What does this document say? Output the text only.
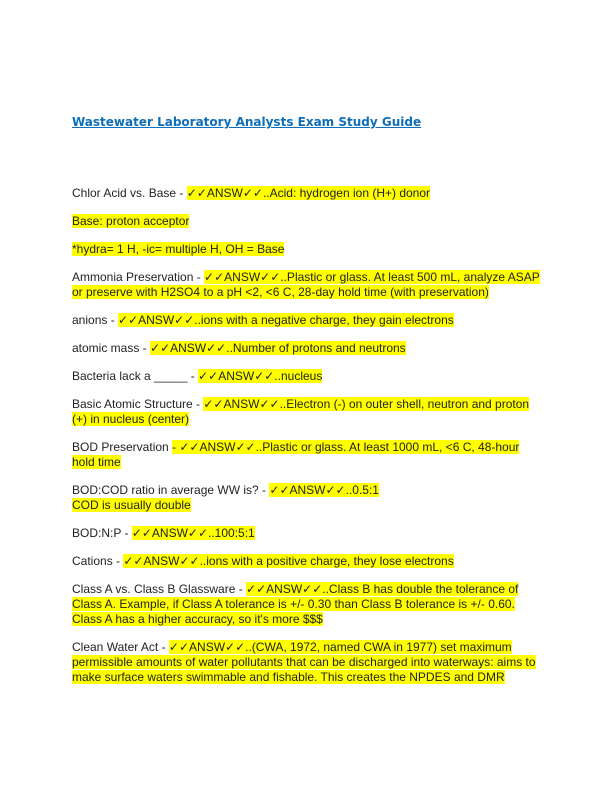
Wastewater Laboratory Analysts Exam Study Guide

Chlor Acid vs. Base - ✓✓ANSW✓✓..Acid: hydrogen ion (H+) donor

Base: proton acceptor

*hydra= 1 H, -ic= multiple H, OH = Base

Ammonia Preservation - ✓✓ANSW✓✓..Plastic or glass. At least 500 mL, analyze ASAP or preserve with H2SO4 to a pH <2, <6 C, 28-day hold time (with preservation)

anions - ✓✓ANSW✓✓..ions with a negative charge, they gain electrons

atomic mass - ✓✓ANSW✓✓..Number of protons and neutrons

Bacteria lack a _____ - ✓✓ANSW✓✓..nucleus

Basic Atomic Structure - ✓✓ANSW✓✓..Electron (-) on outer shell, neutron and proton (+) in nucleus (center)

BOD Preservation - ✓✓ANSW✓✓..Plastic or glass. At least 1000 mL, <6 C, 48-hour hold time

BOD:COD ratio in average WW is? - ✓✓ANSW✓✓..0.5:1

COD is usually double

BOD:N:P - ✓✓ANSW✓✓..100:5:1

Cations - ✓✓ANSW✓✓..ions with a positive charge, they lose electrons

Class A vs. Class B Glassware - ✓✓ANSW✓✓..Class B has double the tolerance of Class A. Example, if Class A tolerance is +/- 0.30 than Class B tolerance is +/- 0.60. Class A has a higher accuracy, so it's more $$$

Clean Water Act - ✓✓ANSW✓✓..(CWA, 1972, named CWA in 1977) set maximum permissible amounts of water pollutants that can be discharged into waterways: aims to make surface waters swimmable and fishable. This creates the NPDES and DMR
